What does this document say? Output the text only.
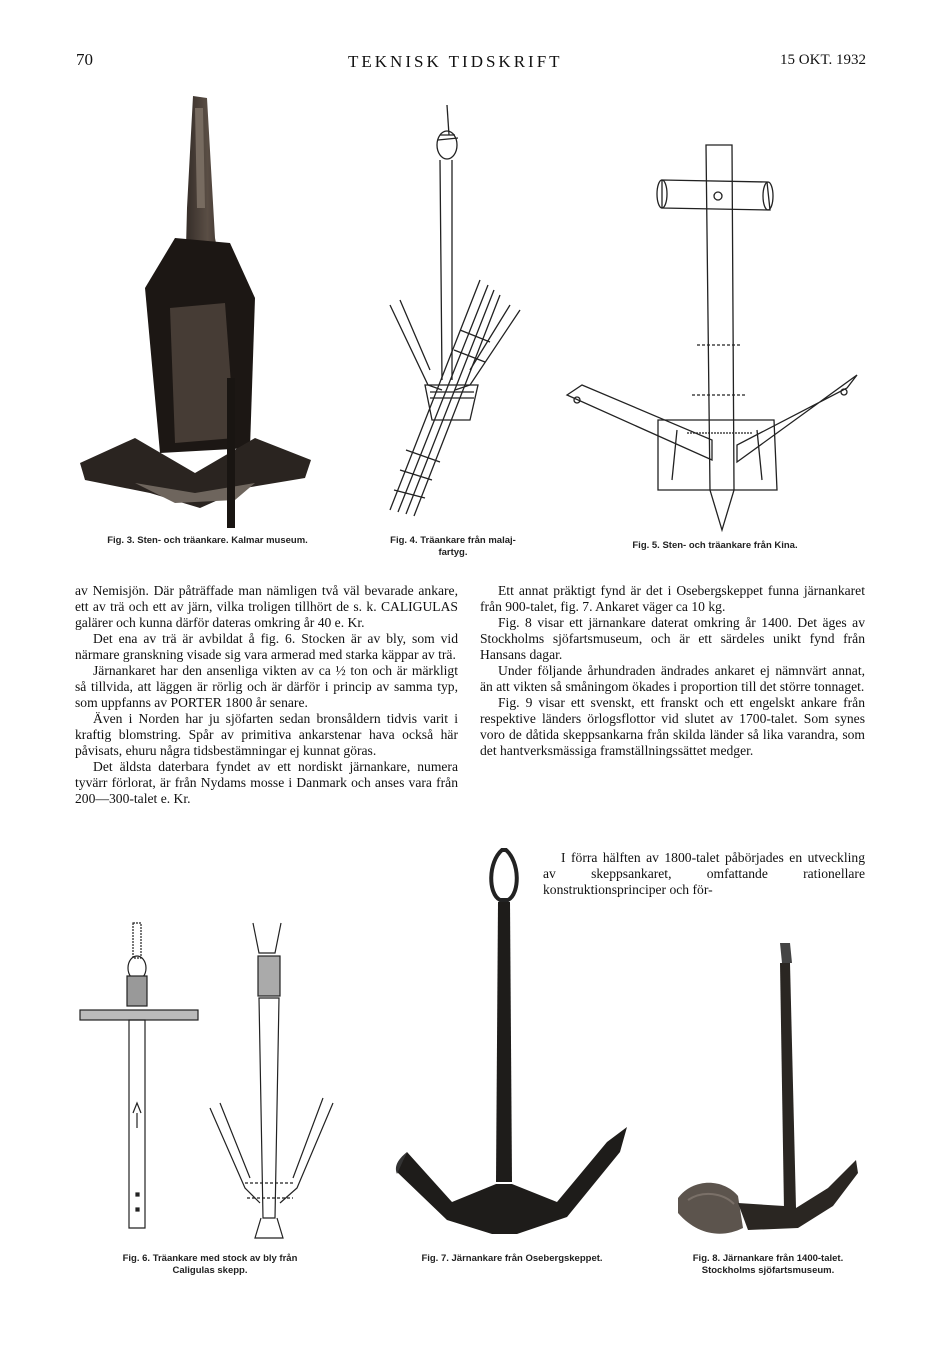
70	TEKNISK TIDSKRIFT	15 OKT. 1932
Fig. 3. Sten- och träankare. Kalmar museum.	Fig. 4. Träankare från malaj-
fartyg.
Fig. 5. Sten- och träankare från Kina.

av Nemisjön. Där påträffade man nämligen två väl bevarade ankare, ett av trä och ett av järn, vilka troligen tillhört de s. k. CALIGULAS galärer och kunna därför dateras omkring år 40 e. Kr.

Det ena av trä är avbildat å fig. 6. Stocken är av bly, som vid närmare granskning visade sig vara armerad med starka käppar av trä.

Järnankaret har den ansenliga vikten av ca ½ ton och är märkligt så tillvida, att läggen är rörlig och är därför i princip av samma typ, som uppfanns av PORTER 1800 år senare.

Även i Norden har ju sjöfarten sedan bronsåldern tidvis varit i kraftig blomstring. Spår av primitiva ankarstenar hava också här påvisats, ehuru några tidsbestämningar ej kunnat göras.

Det äldsta daterbara fyndet av ett nordiskt järnankare, numera tyvärr förlorat, är från Nydams mosse i Danmark och anses vara från 200—300-talet e. Kr.

Ett annat präktigt fynd är det i Osebergskeppet funna järnankaret från 900-talet, fig. 7. Ankaret väger ca 10 kg.

Fig. 8 visar ett järnankare daterat omkring år 1400. Det äges av Stockholms sjöfartsmuseum, och är ett särdeles unikt fynd från Hansans dagar.

Under följande århundraden ändrades ankaret ej nämnvärt annat, än att vikten så småningom ökades i proportion till det större tonnaget.

Fig. 9 visar ett svenskt, ett franskt och ett engelskt ankare från respektive länders örlogsflottor vid slutet av 1700-talet. Som synes voro de dåtida skeppsankarna från skilda länder så lika varandra, som det hantverksmässiga framställningssättet medger.

I förra hälften av 1800-talet påbörjades en utveckling av skeppsankaret, omfattande rationellare konstruktionsprinciper och för-

Fig. 6. Träankare med stock av bly från
Caligulas skepp.
Fig. 7. Järnankare från Osebergskeppet.	Fig. 8. Järnankare från 1400-talet.
Stockholms sjöfartsmuseum.
